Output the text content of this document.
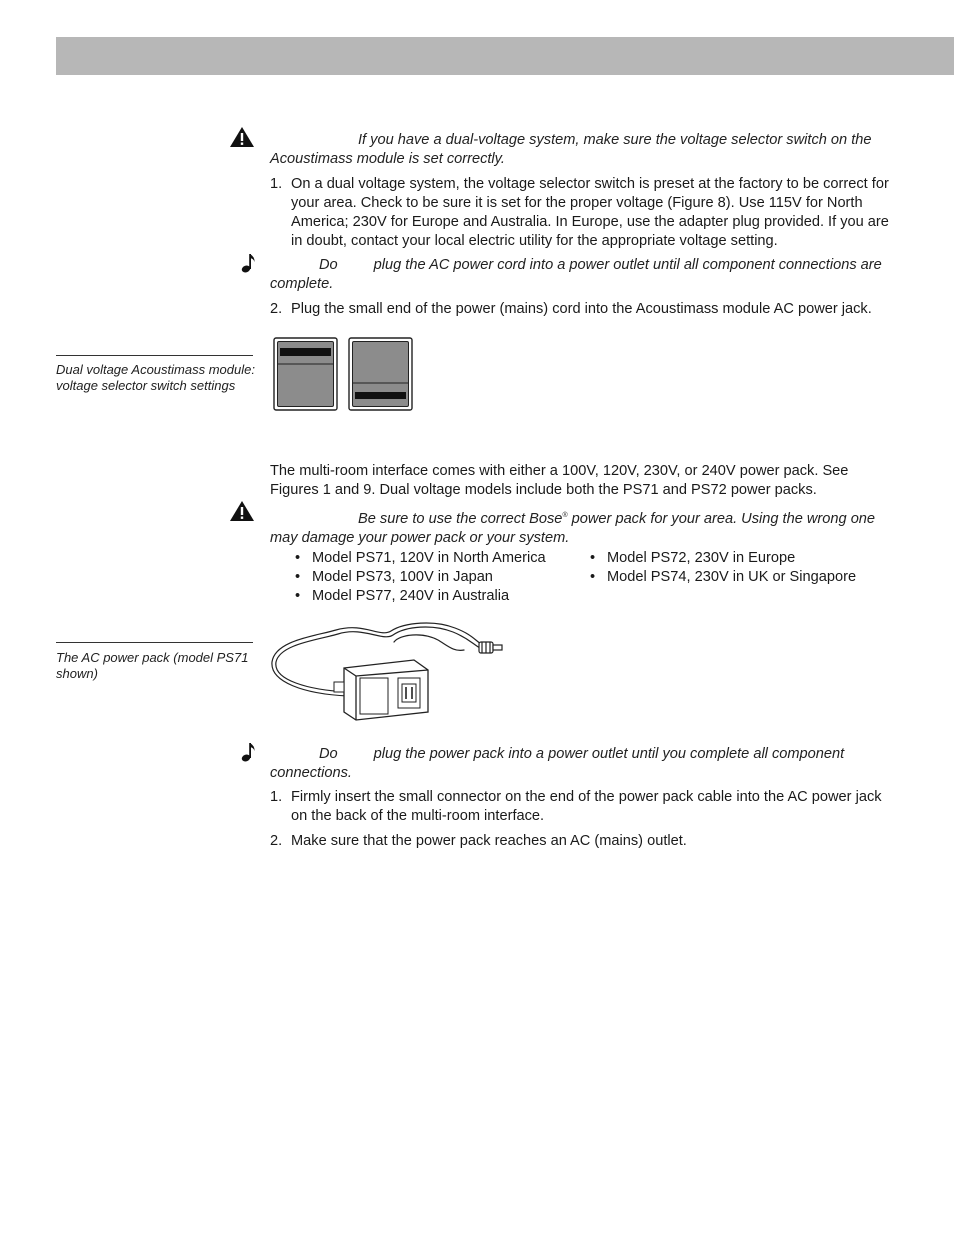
If you have a dual-voltage system, make sure the voltage selector switch on the Acoustimass module is set correctly.
1. On a dual voltage system, the voltage selector switch is preset at the factory to be correct for your area. Check to be sure it is set for the proper voltage (Figure 8). Use 115V for North America; 230V for Europe and Australia. In Europe, use the adapter plug provided. If you are in doubt, contact your local electric utility for the appropriate voltage setting.
Do plug the AC power cord into a power outlet until all component connections are complete.
2. Plug the small end of the power (mains) cord into the Acoustimass module AC power jack.
Dual voltage Acoustimass module: voltage selector switch settings
The multi-room interface comes with either a 100V, 120V, 230V, or 240V power pack. See Figures 1 and 9. Dual voltage models include both the PS71 and PS72 power packs.
Be sure to use the correct Bose® power pack for your area. Using the wrong one may damage your power pack or your system.
• Model PS71, 120V in North America
• Model PS73, 100V in Japan
• Model PS77, 240V in Australia
• Model PS72, 230V in Europe
• Model PS74, 230V in UK or Singapore
The AC power pack (model PS71 shown)
Do plug the power pack into a power outlet until you complete all component connections.
1. Firmly insert the small connector on the end of the power pack cable into the AC power jack on the back of the multi-room interface.
2. Make sure that the power pack reaches an AC (mains) outlet.
